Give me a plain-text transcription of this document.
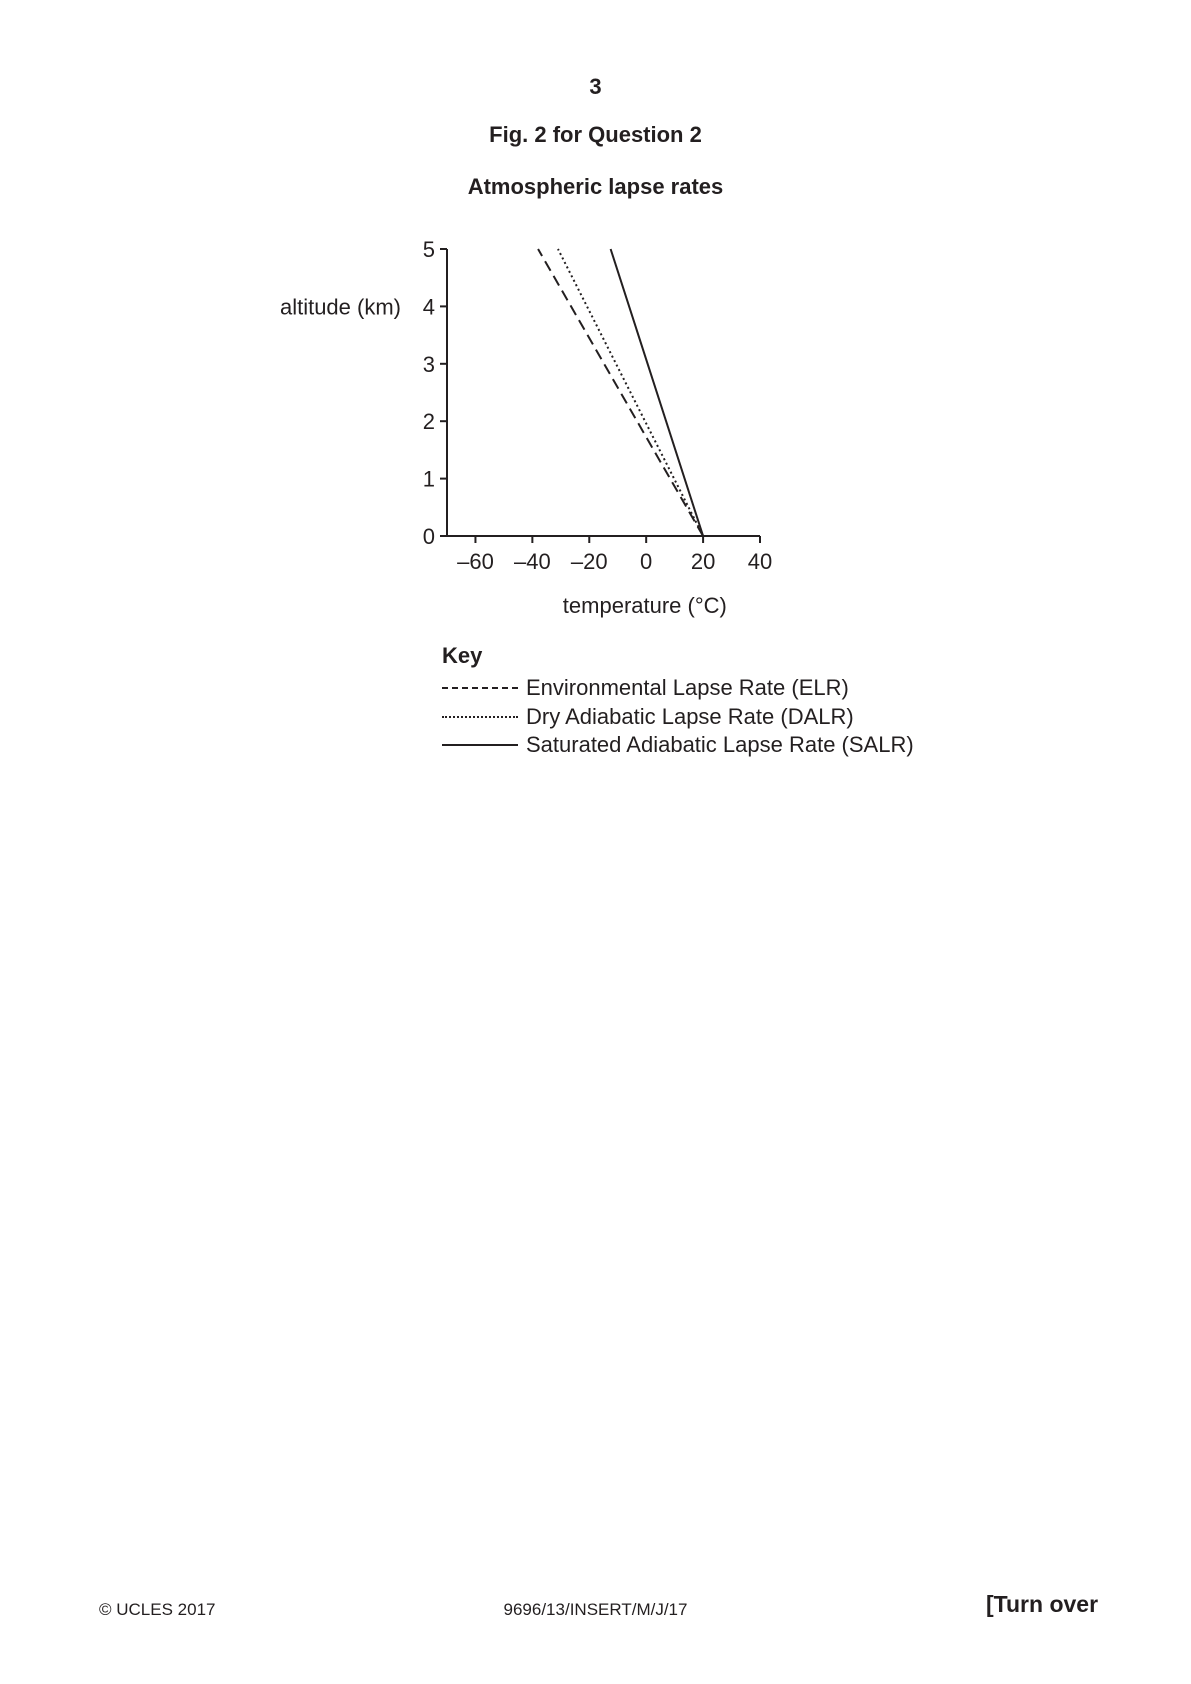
3
Fig. 2 for Question 2
Atmospheric lapse rates
–60 –40 –20 0 20 40
0
1
2
3
4
5
altitude (km)
temperature (°C)
Key
Environmental Lapse Rate (ELR)
Dry Adiabatic Lapse Rate (DALR)
Saturated Adiabatic Lapse Rate (SALR)
© UCLES 2017	9696/13/INSERT/M/J/17	[Turn over
